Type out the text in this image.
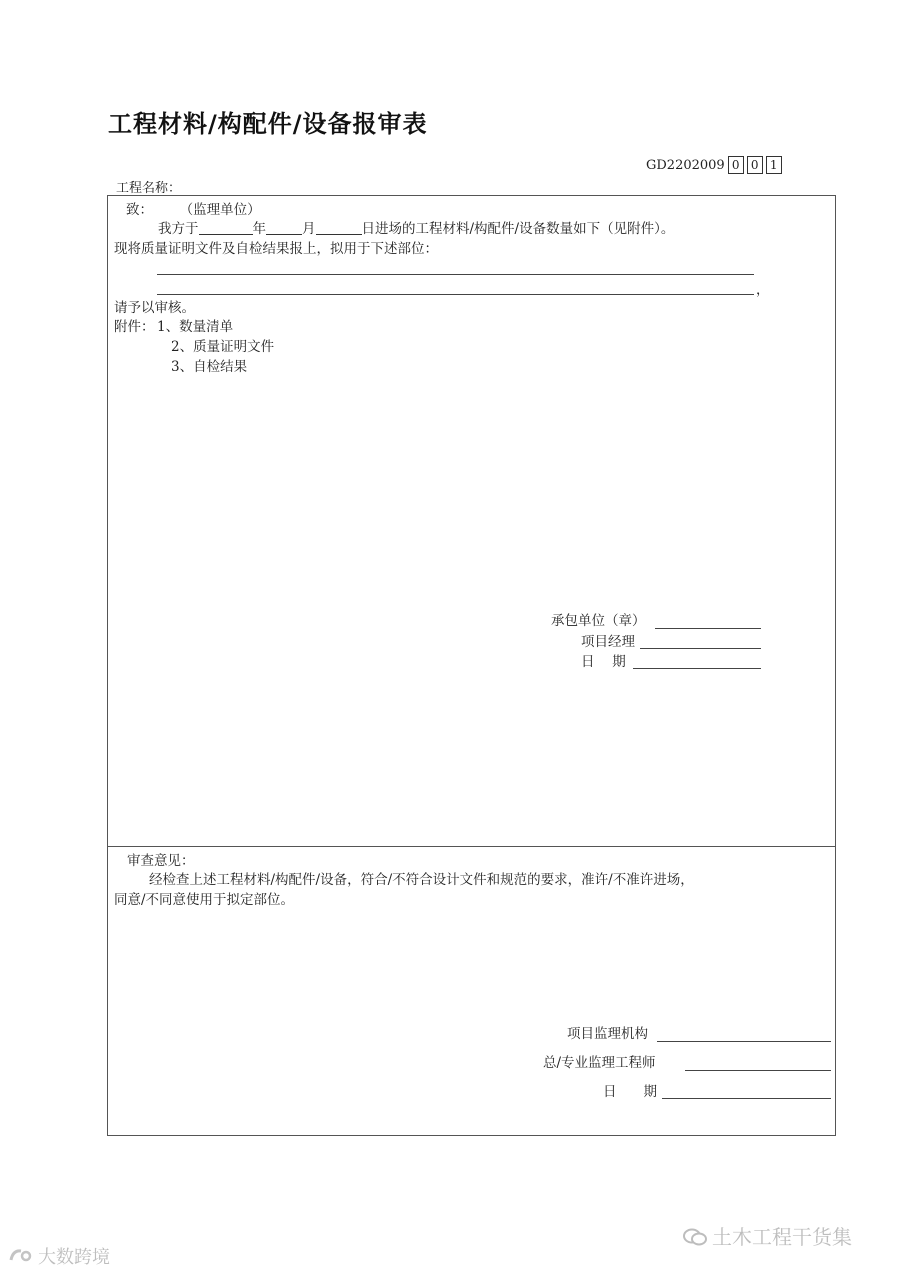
工程材料/构配件/设备报审表
GD2202009 0 0 1
工程名称：
致： （监理单位）
我方于	年	月	日进场的工程材料/构配件/设备数量如下（见附件）。
现将质量证明文件及自检结果报上，拟用于下述部位：
，
请予以审核。
附件： 1、数量清单
2、质量证明文件
3、自检结果
承包单位（章）
项目经理
日　 期
审查意见：
经检查上述工程材料/构配件/设备，符合/不符合设计文件和规范的要求，准许/不准许进场，
同意/不同意使用于拟定部位。
项目监理机构
总/专业监理工程师
日　　期
大数跨境
土木工程干货集
